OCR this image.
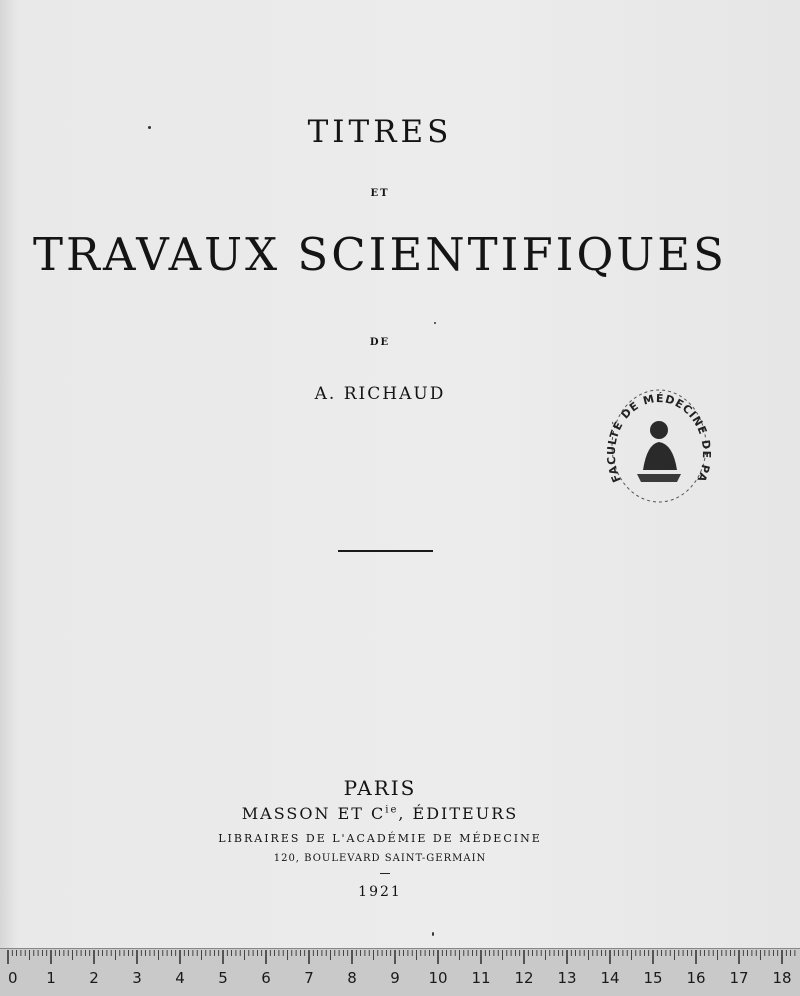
TITRES
ET
TRAVAUX SCIENTIFIQUES
DE
A. RICHAUD
FA LTÉ DE MÉDECINE PA
PARIS
MASSON ET $C^{ie}$, ÉDITEURS
LIBRAIRES DE L'ACADÉMIE DE MÉDECINE
120, BOULEVARD SAINT-GERMAIN
1921
0 1 2 3 4 5 6 7 8 9 10 11 12 13 14 15 16 17 18
